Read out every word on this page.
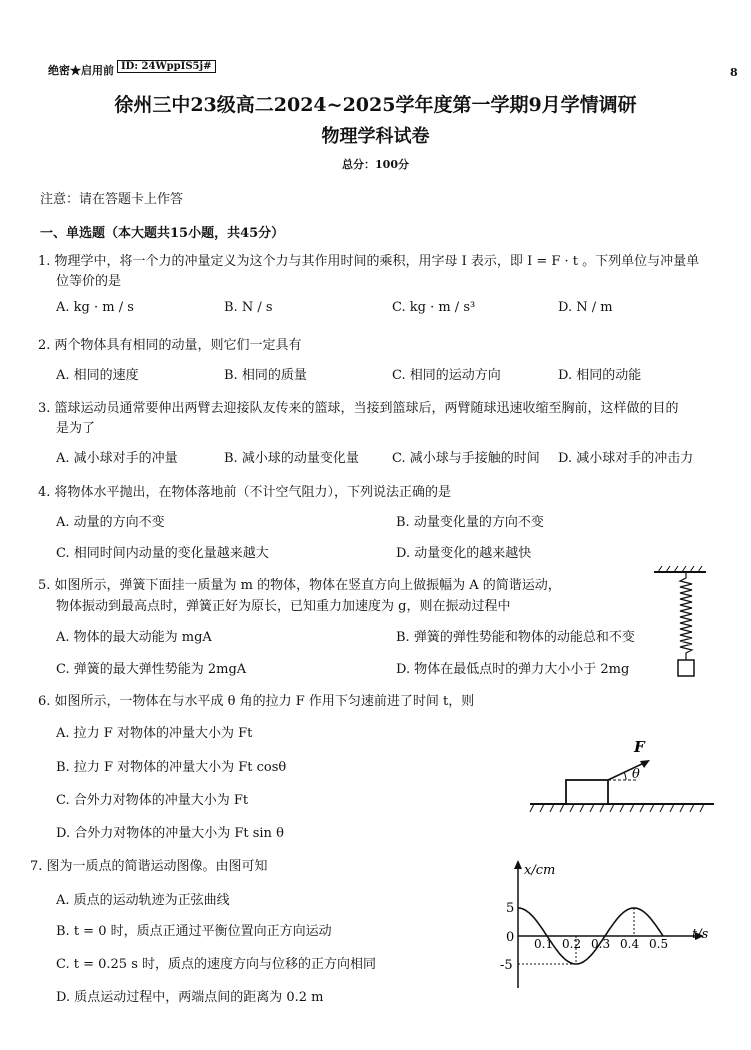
绝密★启用前 ID: 24WppIS5j#	8
徐州三中23级高二2024~2025学年度第一学期9月学情调研
物理学科试卷
总分：100分
注意：请在答题卡上作答
一、单选题（本大题共15小题，共45分）
1. 物理学中，将一个力的冲量定义为这个力与其作用时间的乘积，用字母 I 表示，即 I = F · t 。下列单位与冲量单
位等价的是
A. kg · m / s	B. N / s	C. kg · m / s³	D. N / m
2. 两个物体具有相同的动量，则它们一定具有
A. 相同的速度	B. 相同的质量	C. 相同的运动方向	D. 相同的动能
3. 篮球运动员通常要伸出两臂去迎接队友传来的篮球，当接到篮球后，两臂随球迅速收缩至胸前，这样做的目的
是为了
A. 减小球对手的冲量	B. 减小球的动量变化量	C. 减小球与手接触的时间 D. 减小球对手的冲击力
4. 将物体水平抛出，在物体落地前（不计空气阻力），下列说法正确的是
A. 动量的方向不变	B. 动量变化量的方向不变
C. 相同时间内动量的变化量越来越大	D. 动量变化的越来越快
5. 如图所示，弹簧下面挂一质量为 m 的物体，物体在竖直方向上做振幅为 A 的简谐运动，
物体振动到最高点时，弹簧正好为原长，已知重力加速度为 g，则在振动过程中
A. 物体的最大动能为 mgA	B. 弹簧的弹性势能和物体的动能总和不变
C. 弹簧的最大弹性势能为 2mgA	D. 物体在最低点时的弹力大小小于 2mg
6. 如图所示，一物体在与水平成 θ 角的拉力 F 作用下匀速前进了时间 t，则
A. 拉力 F 对物体的冲量大小为 Ft
B. 拉力 F 对物体的冲量大小为 Ft cosθ
C. 合外力对物体的冲量大小为 Ft
D. 合外力对物体的冲量大小为 Ft sin θ
F
θ
7. 图为一质点的简谐运动图像。由图可知
A. 质点的运动轨迹为正弦曲线
B. t = 0 时，质点正通过平衡位置向正方向运动
C. t = 0.25 s 时，质点的速度方向与位移的正方向相同
D. 质点运动过程中，两端点间的距离为 0.2 m
x/cm
t/s
5
0
-5
0.1 0.2 0.3 0.4 0.5
